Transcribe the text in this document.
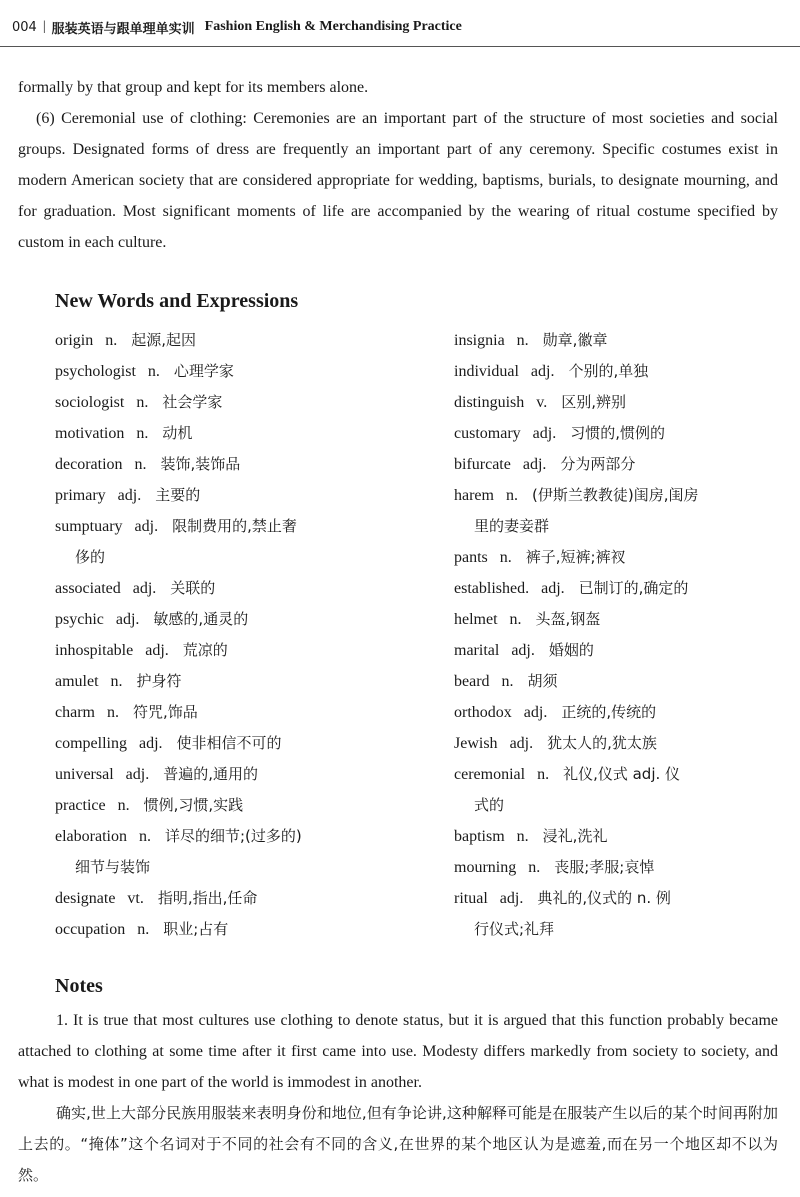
004 | 服装英语与跟单理单实训 Fashion English & Merchandising Practice

formally by that group and kept for its members alone.

(6) Ceremonial use of clothing: Ceremonies are an important part of the structure of most societies and social groups. Designated forms of dress are frequently an important part of any ceremony. Specific costumes exist in modern American society that are considered appropriate for wedding, baptisms, burials, to designate mourning, and for graduation. Most significant moments of life are accompanied by the wearing of ritual costume specified by custom in each culture.

New Words and Expressions
origin n. 起源,起因
psychologist n. 心理学家
sociologist n. 社会学家
motivation n. 动机
decoration n. 装饰,装饰品
primary adj. 主要的
sumptuary adj. 限制费用的,禁止奢
侈的
associated adj. 关联的
psychic adj. 敏感的,通灵的
inhospitable adj. 荒凉的
amulet n. 护身符
charm n. 符咒,饰品
compelling adj. 使非相信不可的
universal adj. 普遍的,通用的
practice n. 惯例,习惯,实践
elaboration n. 详尽的细节;(过多的)
细节与装饰
designate vt. 指明,指出,任命
occupation n. 职业;占有
insignia n. 勋章,徽章
individual adj. 个别的,单独
distinguish v. 区别,辨别
customary adj. 习惯的,惯例的
bifurcate adj. 分为两部分
harem n. (伊斯兰教教徒)闺房,闺房
里的妻妾群
pants n. 裤子,短裤;裤衩
established. adj. 已制订的,确定的
helmet n. 头盔,钢盔
marital adj. 婚姻的
beard n. 胡须
orthodox adj. 正统的,传统的
Jewish adj. 犹太人的,犹太族
ceremonial n. 礼仪,仪式 adj. 仪
式的
baptism n. 浸礼,洗礼
mourning n. 丧服;孝服;哀悼
ritual adj. 典礼的,仪式的 n. 例
行仪式;礼拜
Notes

1. It is true that most cultures use clothing to denote status, but it is argued that this function probably became attached to clothing at some time after it first came into use. Modesty differs markedly from society to society, and what is modest in one part of the world is immodest in another.

确实,世上大部分民族用服装来表明身份和地位,但有争论讲,这种解释可能是在服装产生以后的某个时间再附加上去的。“掩体”这个名词对于不同的社会有不同的含义,在世界的某个地区认为是遮羞,而在另一个地区却不以为然。
